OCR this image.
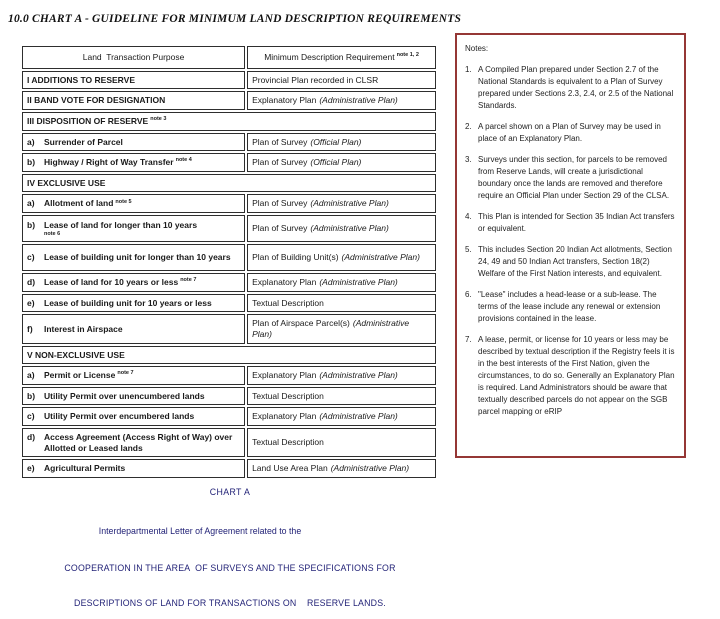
10.0 CHART A - GUIDELINE FOR MINIMUM LAND DESCRIPTION REQUIREMENTS
Land  Transaction Purpose	Minimum Description Requirement $^{note 1, 2}$
I ADDITIONS TO RESERVE	Provincial Plan recorded in CLSR
II BAND VOTE FOR DESIGNATION	Explanatory Plan (Administrative Plan)
III DISPOSITION OF RESERVE $^{note 3}$

a) Surrender of Parcel	Plan of Survey (Official Plan)

b) Highway / Right of Way Transfer $^{note 4}$	Plan of Survey (Official Plan)
IV EXCLUSIVE USE	

a) Allotment of land $^{note 5}$	Plan of Survey (Administrative Plan)

b) Lease of land for longer than 10 years
note 6	Plan of Survey (Administrative Plan)

c) Lease of building unit for longer than 10 years	Plan of Building Unit(s) (Administrative Plan)

d) Lease of land for 10 years or less $^{note 7}$	Explanatory Plan (Administrative Plan)

e) Lease of building unit for 10 years or less	Textual Description

f) Interest in Airspace	Plan of Airspace Parcel(s) (Administrative Plan)
V NON-EXCLUSIVE USE	

a) Permit or License $^{note 7}$	Explanatory Plan (Administrative Plan)

b) Utility Permit over unencumbered lands	Textual Description

c) Utility Permit over encumbered lands	Explanatory Plan (Administrative Plan)

d) Access Agreement (Access Right of Way) over Allotted or Leased lands	Textual Description

e) Agricultural Permits	Land Use Area Plan (Administrative Plan)
Notes:
1. A Compiled Plan prepared under Section 2.7 of the National Standards is equivalent to a Plan of Survey prepared under Sections 2.3, 2.4, or 2.5 of the National Standards.
2. A parcel shown on a Plan of Survey may be used in place of an Explanatory Plan.
3. Surveys under this section, for parcels to be removed from Reserve Lands, will create a jurisdictional boundary once the lands are removed and therefore require an Official Plan under Section 29 of the CLSA.
4. This Plan is intended for Section 35 Indian Act transfers or equivalent.
5. This includes Section 20 Indian Act allotments, Section 24, 49 and 50 Indian Act transfers, Section 18(2) Welfare of the First Nation interests, and equivalent.
6. "Lease" includes a head-lease or a sub-lease. The terms of the lease include any renewal or extension provisions contained in the lease.
7. A lease, permit, or license for 10 years or less may be described by textual description if the Registry feels it is in the best interests of the First Nation, given the circumstances, to do so. Generally an Explanatory Plan is required. Land Administrators should be aware that textually described parcels do not appear on the SGB parcel mapping or eRIP

CHART A

Interdepartmental Letter of Agreement related to the

COOPERATION IN THE AREA  OF SURVEYS AND THE SPECIFICATIONS FOR

DESCRIPTIONS OF LAND FOR TRANSACTIONS ON    RESERVE LANDS.
